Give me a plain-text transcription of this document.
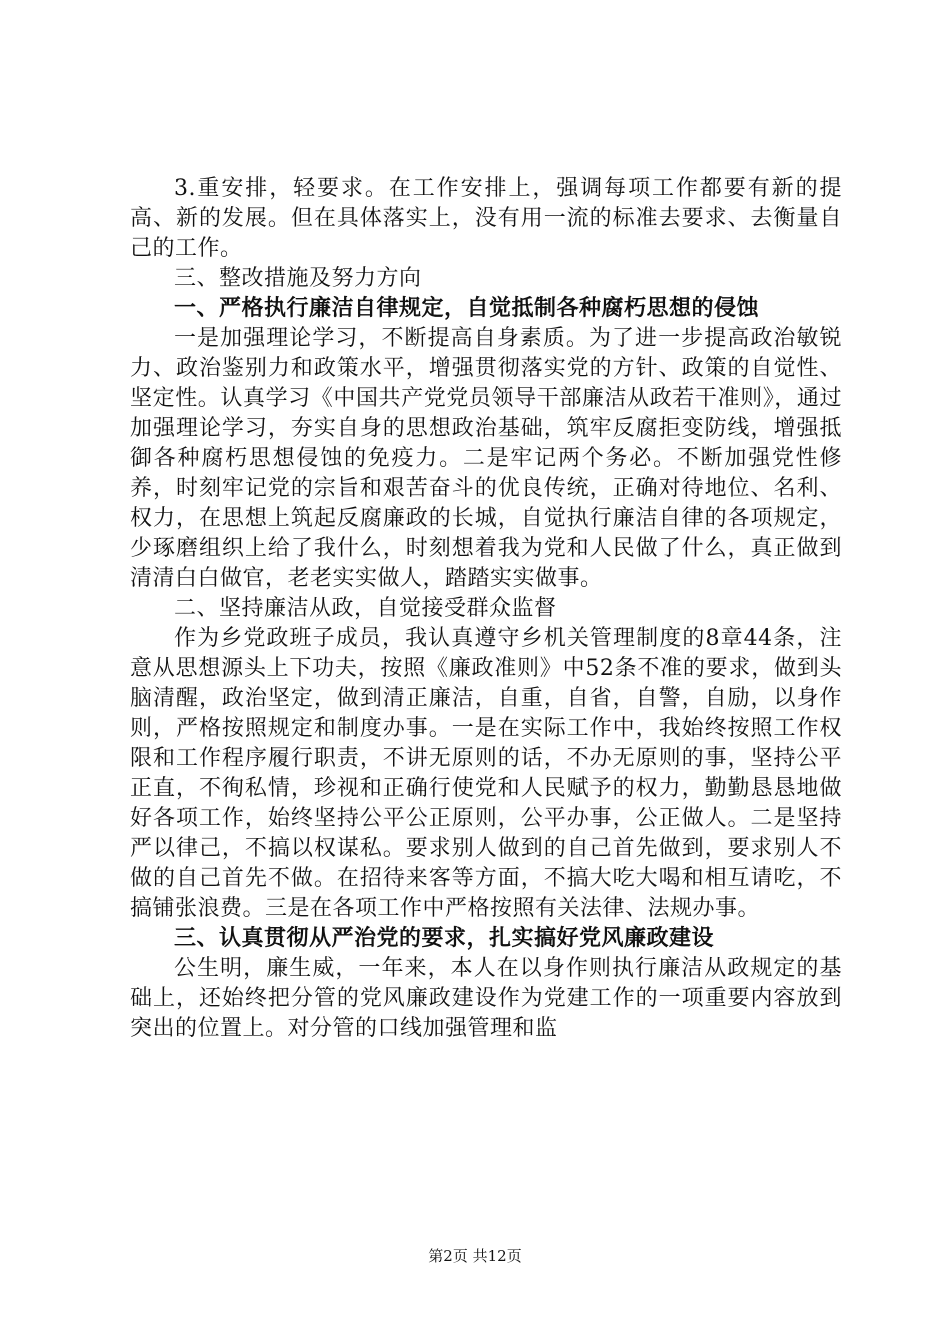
3.重安排，轻要求。在工作安排上，强调每项工作都要有新的提高、新的发展。但在具体落实上，没有用一流的标准去要求、去衡量自己的工作。

三、整改措施及努力方向

一、严格执行廉洁自律规定，自觉抵制各种腐朽思想的侵蚀

一是加强理论学习，不断提高自身素质。为了进一步提高政治敏锐力、政治鉴别力和政策水平，增强贯彻落实党的方针、政策的自觉性、坚定性。认真学习《中国共产党党员领导干部廉洁从政若干准则》，通过加强理论学习，夯实自身的思想政治基础，筑牢反腐拒变防线，增强抵御各种腐朽思想侵蚀的免疫力。二是牢记两个务必。不断加强党性修养，时刻牢记党的宗旨和艰苦奋斗的优良传统，正确对待地位、名利、权力，在思想上筑起反腐廉政的长城，自觉执行廉洁自律的各项规定，少琢磨组织上给了我什么，时刻想着我为党和人民做了什么，真正做到清清白白做官，老老实实做人，踏踏实实做事。

二、坚持廉洁从政，自觉接受群众监督

作为乡党政班子成员，我认真遵守乡机关管理制度的8章44条，注意从思想源头上下功夫，按照《廉政准则》中52条不准的要求，做到头脑清醒，政治坚定，做到清正廉洁，自重，自省，自警，自励，以身作则，严格按照规定和制度办事。一是在实际工作中，我始终按照工作权限和工作程序履行职责，不讲无原则的话，不办无原则的事，坚持公平正直，不徇私情，珍视和正确行使党和人民赋予的权力，勤勤恳恳地做好各项工作，始终坚持公平公正原则，公平办事，公正做人。二是坚持严以律己，不搞以权谋私。要求别人做到的自己首先做到，要求别人不做的自己首先不做。在招待来客等方面，不搞大吃大喝和相互请吃，不搞铺张浪费。三是在各项工作中严格按照有关法律、法规办事。

三、认真贯彻从严治党的要求，扎实搞好党风廉政建设

公生明，廉生威，一年来，本人在以身作则执行廉洁从政规定的基础上，还始终把分管的党风廉政建设作为党建工作的一项重要内容放到突出的位置上。对分管的口线加强管理和监

第2页 共12页
